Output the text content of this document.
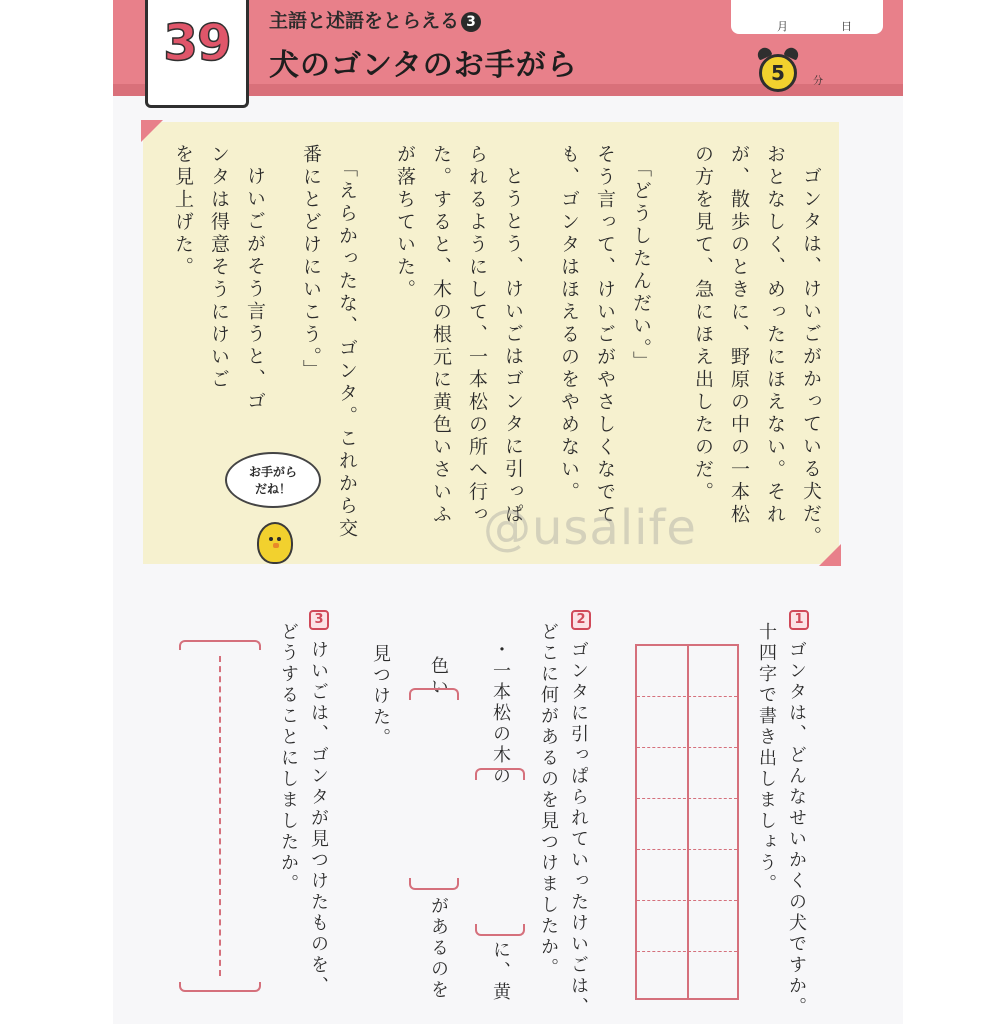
39	主語と述語をとらえる 3
犬のゴンタのお手がら
月	日
5	分
ゴンタは、けいごがかっている犬だ。
おとなしく、めったにほえない。それ
が、散歩のときに、野原の中の一本松
の方を見て、急にほえ出したのだ。
「どうしたんだい。」
そう言って、けいごがやさしくなでて
も、ゴンタはほえるのをやめない。
とうとう、けいごはゴンタに引っぱ
られるようにして、一本松の所へ行っ
た。すると、木の根元に黄色いさいふ
が落ちていた。
「えらかったな、ゴンタ。これから交
番にとどけにいこう。」
けいごがそう言うと、ゴ
ンタは得意そうにけいご
を見上げた。
お手がら
だね！
@usalife
1
ゴンタは、どんなせいかくの犬ですか。
十四字で書き出しましょう。
2
ゴンタに引っぱられていったけいごは、
どこに何があるのを見つけましたか。
・一本松の木の
に、黄
色い
があるのを
見つけた。
3
けいごは、ゴンタが見つけたものを、
どうすることにしましたか。
